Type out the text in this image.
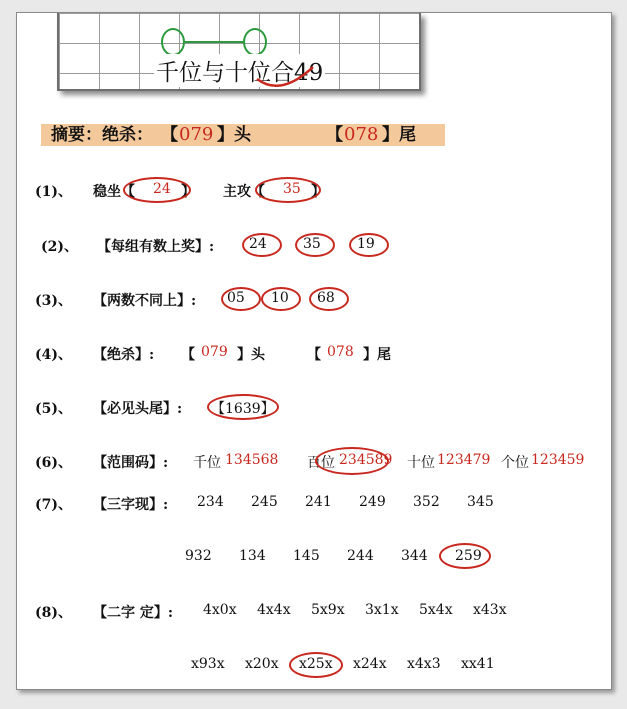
千位与十位合49
摘要：绝杀： 【 079 】头	【 078 】尾
(1)、 稳坐【 24 】 主攻【 35 】
(2)、 【每组有数上奖】: 24	35	19
(3)、 【两数不同上】: 05 10 68
(4)、 【绝杀】: 【 079 】头	【 078 】尾
(5)、 【必见头尾】: 【1639】
(6)、 【范围码】: 千位 134568 百位 234589 十位 123479 个位 123459
(7)、 【三字现】: 234 245 241 249 352 345
932 134 145 244 344 259
(8)、 【二字 定】: 4x0x 4x4x 5x9x 3x1x 5x4x x43x
x93x x20x x25x x24x x4x3 xx41
